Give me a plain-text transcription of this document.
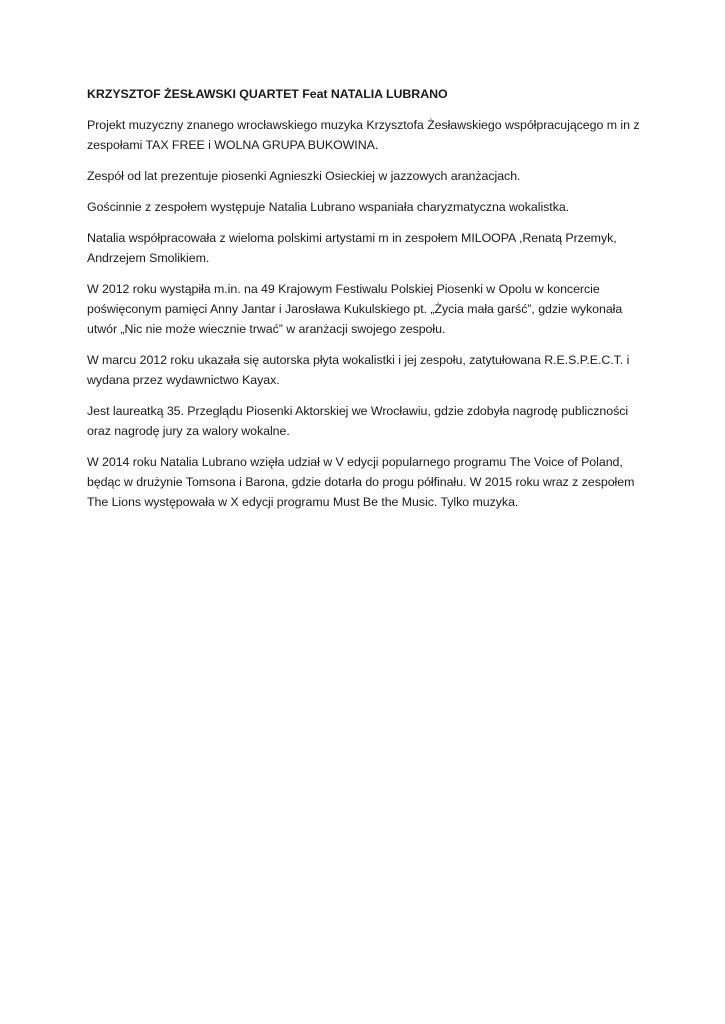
KRZYSZTOF ŻESŁAWSKI QUARTET Feat NATALIA LUBRANO

Projekt muzyczny znanego wrocławskiego muzyka Krzysztofa Żesławskiego współpracującego m in z zespołami TAX FREE i WOLNA GRUPA BUKOWINA.

Zespół od lat prezentuje piosenki Agnieszki Osieckiej w jazzowych aranżacjach.

Gościnnie z zespołem występuje Natalia Lubrano wspaniała charyzmatyczna wokalistka.

Natalia współpracowała z wieloma polskimi artystami m in zespołem MILOOPA ,Renatą Przemyk, Andrzejem Smolikiem.

W 2012 roku wystąpiła m.in. na 49 Krajowym Festiwalu Polskiej Piosenki w Opolu w koncercie poświęconym pamięci Anny Jantar i Jarosława Kukulskiego pt. „Życia mała garść”, gdzie wykonała utwór „Nic nie może wiecznie trwać” w aranżacji swojego zespołu.

W marcu 2012 roku ukazała się autorska płyta wokalistki i jej zespołu, zatytułowana R.E.S.P.E.C.T. i wydana przez wydawnictwo Kayax.

Jest laureatką 35. Przeglądu Piosenki Aktorskiej we Wrocławiu, gdzie zdobyła nagrodę publiczności oraz nagrodę jury za walory wokalne.

W 2014 roku Natalia Lubrano wzięła udział w V edycji popularnego programu The Voice of Poland, będąc w drużynie Tomsona i Barona, gdzie dotarła do progu półfinału. W 2015 roku wraz z zespołem The Lions występowała w X edycji programu Must Be the Music. Tylko muzyka.
